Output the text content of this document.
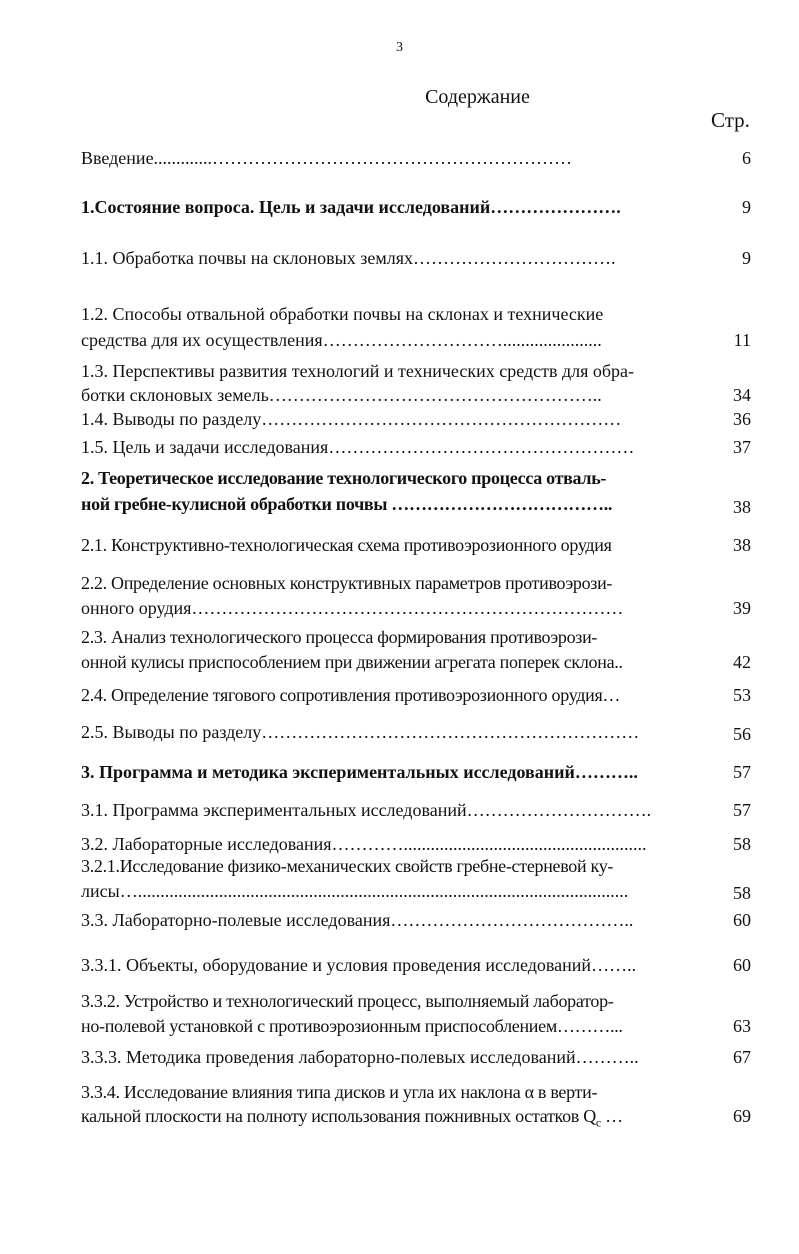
3
Содержание
Стр.
Введение.............……………………………………………………	6
1.Состояние вопроса. Цель и задачи исследований………………….	9
1.1. Обработка почвы на склоновых землях…………………………….	9
1.2. Способы отвальной обработки почвы на склонах и технические
средства для их осуществления…………………………......................	11
1.3. Перспективы развития технологий и технических средств для обра-
ботки склоновых земель………………………………………………..	34
1.4. Выводы по разделу……………………………………………………	36
1.5. Цель и задачи исследования……………………………………………	37
2. Теоретическое исследование технологического процесса отваль-
ной гребне-кулисной обработки почвы ………………………………..	38
2.1. Конструктивно-технологическая схема противоэрозионного орудия	38
2.2. Определение основных конструктивных параметров противоэрози-
онного орудия………………………………………………………………	39
2.3. Анализ технологического процесса формирования противоэрози-
онной кулисы приспособлением при движении агрегата поперек склона..	42
2.4. Определение тягового сопротивления противоэрозионного орудия…	53
2.5. Выводы по разделу………………………………………………………	56
3. Программа и методика экспериментальных исследований………..	57
3.1. Программа экспериментальных исследований………………………….	57
3.2. Лабораторные исследования…………......................................................	58
3.2.1.Исследование физико-механических свойств гребне-стерневой ку-
лисы….............................................................................................................	58
3.3. Лабораторно-полевые исследования…………………………………..	60
3.3.1. Объекты, оборудование и условия проведения исследований……..	60
3.3.2. Устройство и технологический процесс, выполняемый лаборатор-
но-полевой установкой с противоэрозионным приспособлением………...	63
3.3.3. Методика проведения лабораторно-полевых исследований………..	67
3.3.4. Исследование влияния типа дисков и угла их наклона α в верти-
кальной плоскости на полноту использования пожнивных остатков $Q_c$ …	69
